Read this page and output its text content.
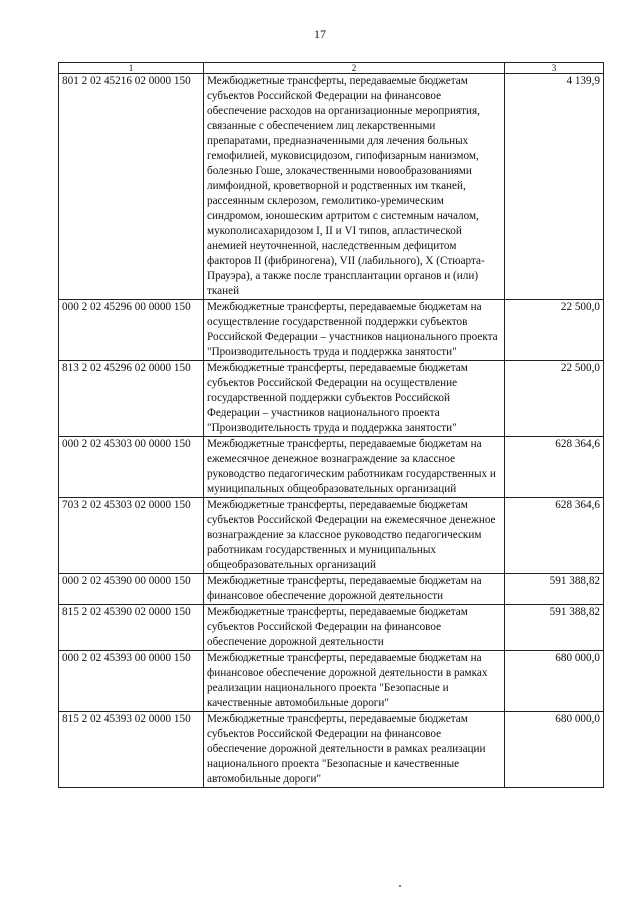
17
1	2	3
801 2 02 45216 02 0000 150	Межбюджетные трансферты, передаваемые бюджетам субъектов Российской Федерации на финансовое обеспечение расходов на организационные мероприятия, связанные с обеспечением лиц лекарственными препаратами, предназначенными для лечения больных гемофилией, муковисцидозом, гипофизарным нанизмом, болезнью Гоше, злокачественными новообразованиями лимфоидной, кроветворной и родственных им тканей, рассеянным склерозом, гемолитико-уремическим синдромом, юношеским артритом с системным началом, мукополисахаридозом I, II и VI типов, апластической анемией неуточненной, наследственным дефицитом факторов II (фибриногена), VII (лабильного), X (Стюарта-Прауэра), а также после трансплантации органов и (или) тканей	4 139,9
000 2 02 45296 00 0000 150	Межбюджетные трансферты, передаваемые бюджетам на осуществление государственной поддержки субъектов Российской Федерации – участников национального проекта "Производительность труда и поддержка занятости"	22 500,0
813 2 02 45296 02 0000 150	Межбюджетные трансферты, передаваемые бюджетам субъектов Российской Федерации на осуществление государственной поддержки субъектов Российской Федерации – участников национального проекта "Производительность труда и поддержка занятости"	22 500,0
000 2 02 45303 00 0000 150	Межбюджетные трансферты, передаваемые бюджетам на ежемесячное денежное вознаграждение за классное руководство педагогическим работникам государственных и муниципальных общеобразовательных организаций	628 364,6
703 2 02 45303 02 0000 150	Межбюджетные трансферты, передаваемые бюджетам субъектов Российской Федерации на ежемесячное денежное вознаграждение за классное руководство педагогическим работникам государственных и муниципальных общеобразовательных организаций	628 364,6
000 2 02 45390 00 0000 150	Межбюджетные трансферты, передаваемые бюджетам на финансовое обеспечение дорожной деятельности	591 388,82
815 2 02 45390 02 0000 150	Межбюджетные трансферты, передаваемые бюджетам субъектов Российской Федерации на финансовое обеспечение дорожной деятельности	591 388,82
000 2 02 45393 00 0000 150	Межбюджетные трансферты, передаваемые бюджетам на финансовое обеспечение дорожной деятельности в рамках реализации национального проекта "Безопасные и качественные автомобильные дороги"	680 000,0
815 2 02 45393 02 0000 150	Межбюджетные трансферты, передаваемые бюджетам субъектов Российской Федерации на финансовое обеспечение дорожной деятельности в рамках реализации национального проекта "Безопасные и качественные автомобильные дороги"	680 000,0
